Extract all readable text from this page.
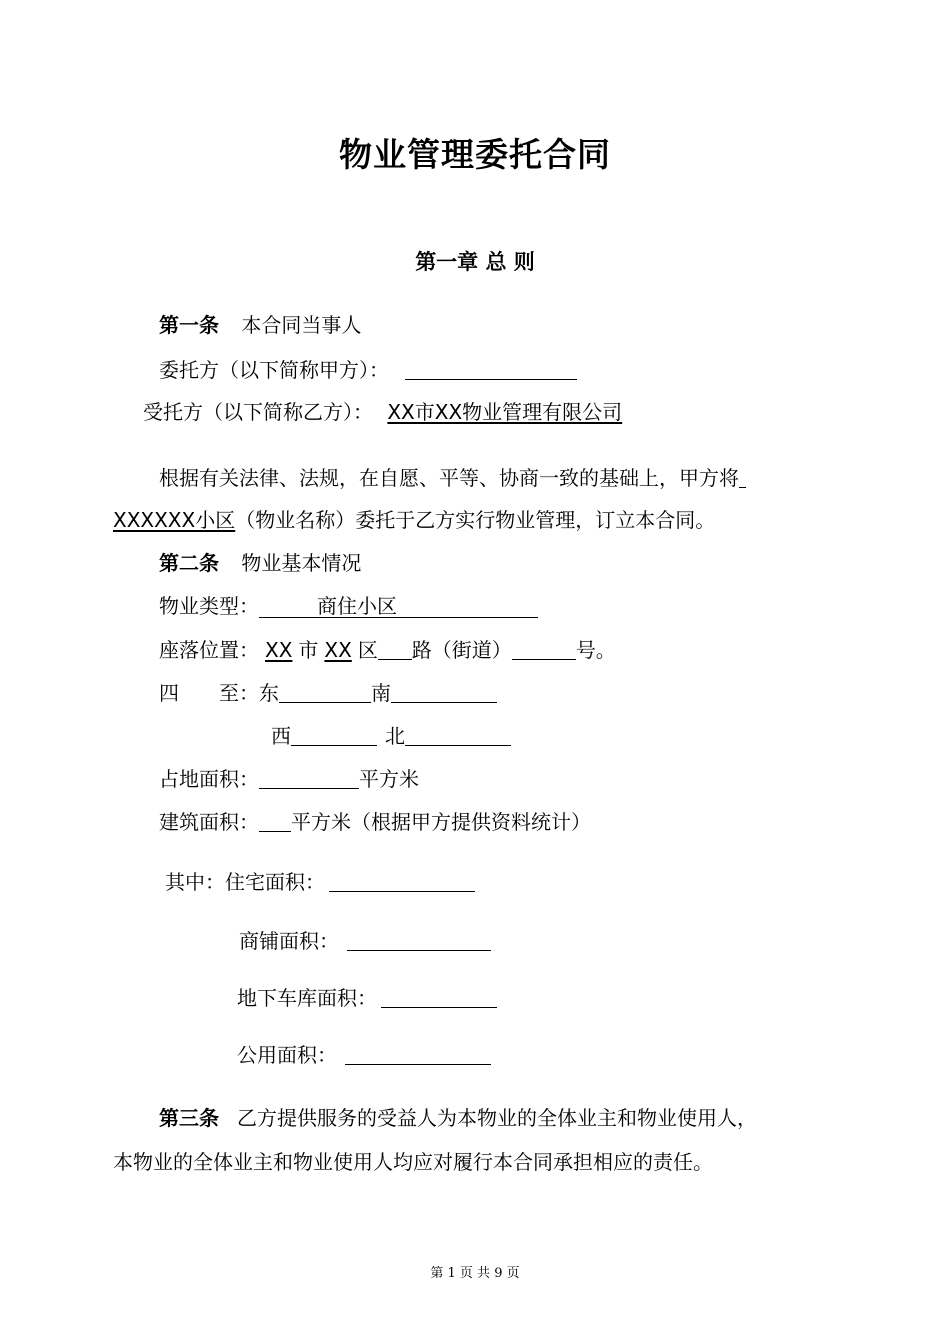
物业管理委托合同
第一章 总 则
第一条 本合同当事人
委托方（以下简称甲方）：
受托方（以下简称乙方）： XX市XX物业管理有限公司
根据有关法律、法规，在自愿、平等、协商一致的基础上，甲方将
XXXXXX小区（物业名称）委托于乙方实行物业管理，订立本合同。
第二条 物业基本情况
物业类型：	商住小区
座落位置： XX 市 XX 区 路（街道）	号。
四　　至：东	南
西	北
占地面积：	平方米
建筑面积： 平方米（根据甲方提供资料统计）
其中：住宅面积：
商铺面积：
地下车库面积：
公用面积：
第三条 乙方提供服务的受益人为本物业的全体业主和物业使用人，
本物业的全体业主和物业使用人均应对履行本合同承担相应的责任。
第 1 页 共 9 页
